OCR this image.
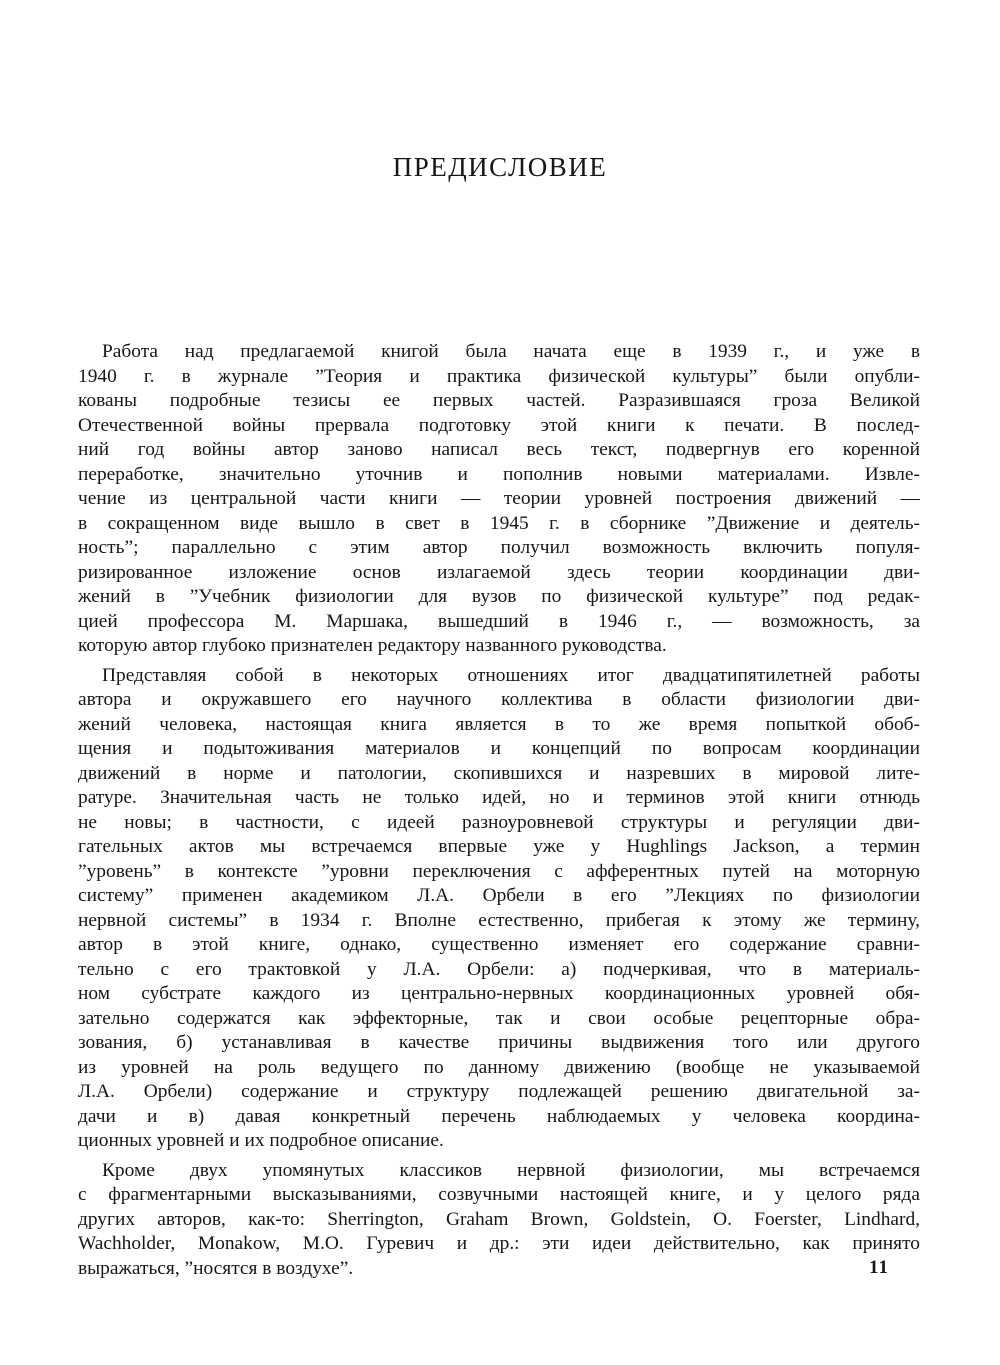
ПРЕДИСЛОВИЕ

Работа над предлагаемой книгой была начата еще в 1939 г., и уже в
1940 г. в журнале ”Теория и практика физической культуры” были опубли-
кованы подробные тезисы ее первых частей. Разразившаяся гроза Великой
Отечественной войны прервала подготовку этой книги к печати. В послед-
ний год войны автор заново написал весь текст, подвергнув его коренной
переработке, значительно уточнив и пополнив новыми материалами. Извле-
чение из центральной части книги — теории уровней построения движений —
в сокращенном виде вышло в свет в 1945 г. в сборнике ”Движение и деятель-
ность”; параллельно с этим автор получил возможность включить популя-
ризированное изложение основ излагаемой здесь теории координации дви-
жений в ”Учебник физиологии для вузов по физической культуре” под редак-
цией профессора М. Маршака, вышедший в 1946 г., — возможность, за
которую автор глубоко признателен редактору названного руководства.

Представляя собой в некоторых отношениях итог двадцатипятилетней работы
автора и окружавшего его научного коллектива в области физиологии дви-
жений человека, настоящая книга является в то же время попыткой обоб-
щения и подытоживания материалов и концепций по вопросам координации
движений в норме и патологии, скопившихся и назревших в мировой лите-
ратуре. Значительная часть не только идей, но и терминов этой книги отнюдь
не новы; в частности, с идеей разноуровневой структуры и регуляции дви-
гательных актов мы встречаемся впервые уже у Hughlings Jackson, а термин
”уровень” в контексте ”уровни переключения с афферентных путей на моторную
систему” применен академиком Л.А. Орбели в его ”Лекциях по физиологии
нервной системы” в 1934 г. Вполне естественно, прибегая к этому же термину,
автор в этой книге, однако, существенно изменяет его содержание сравни-
тельно с его трактовкой у Л.А. Орбели: а) подчеркивая, что в материаль-
ном субстрате каждого из центрально-нервных координационных уровней обя-
зательно содержатся как эффекторные, так и свои особые рецепторные обра-
зования, б) устанавливая в качестве причины выдвижения того или другого
из уровней на роль ведущего по данному движению (вообще не указываемой
Л.А. Орбели) содержание и структуру подлежащей решению двигательной за-
дачи и в) давая конкретный перечень наблюдаемых у человека координа-
ционных уровней и их подробное описание.

Кроме двух упомянутых классиков нервной физиологии, мы встречаемся
с фрагментарными высказываниями, созвучными настоящей книге, и у целого ряда
других авторов, как-то: Sherrington, Graham Brown, Goldstein, O. Foerster, Lindhard,
Wachholder, Monakow, М.О. Гуревич и др.: эти идеи действительно, как принято
выражаться, ”носятся в воздухе”.	11
